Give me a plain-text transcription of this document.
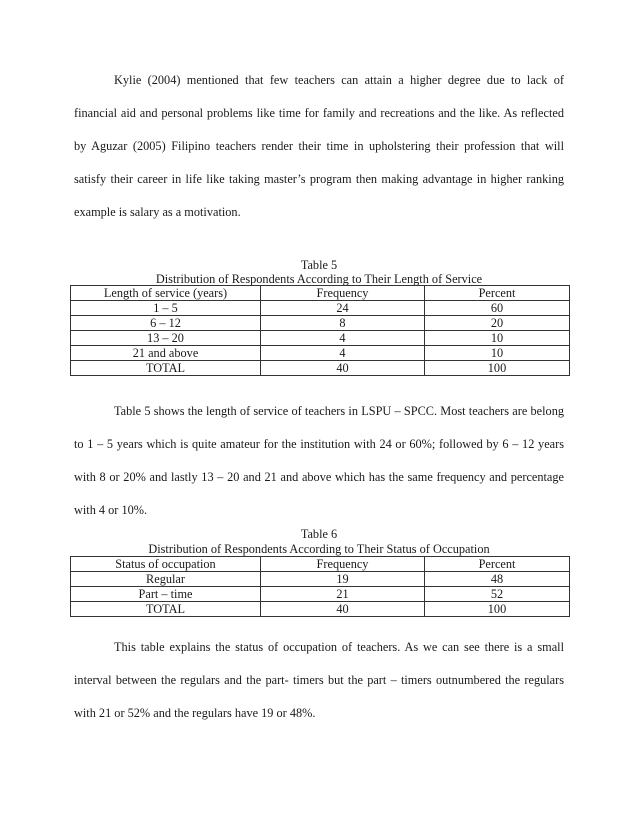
Kylie (2004) mentioned that few teachers can attain a higher degree due to lack of financial aid and personal problems like time for family and recreations and the like. As reflected by Aguzar (2005) Filipino teachers render their time in upholstering their profession that will satisfy their career in life like taking master’s program then making advantage in higher ranking example is salary as a motivation.

Table 5
Distribution of Respondents According to Their Length of Service
Length of service (years)	Frequency	Percent
1 – 5	24	60
6 – 12	8	20
13 – 20	4	10
21 and above	4	10
TOTAL	40	100

Table 5 shows the length of service of teachers in LSPU – SPCC. Most teachers are belong to 1 – 5 years which is quite amateur for the institution with 24 or 60%; followed by 6 – 12 years with 8 or 20% and lastly 13 – 20 and 21 and above which has the same frequency and percentage with 4 or 10%.

Table 6
Distribution of Respondents According to Their Status of Occupation
Status of occupation	Frequency	Percent
Regular	19	48
Part – time	21	52
TOTAL	40	100

This table explains the status of occupation of teachers. As we can see there is a small interval between the regulars and the part- timers but the part – timers outnumbered the regulars with 21 or 52% and the regulars have 19 or 48%.
